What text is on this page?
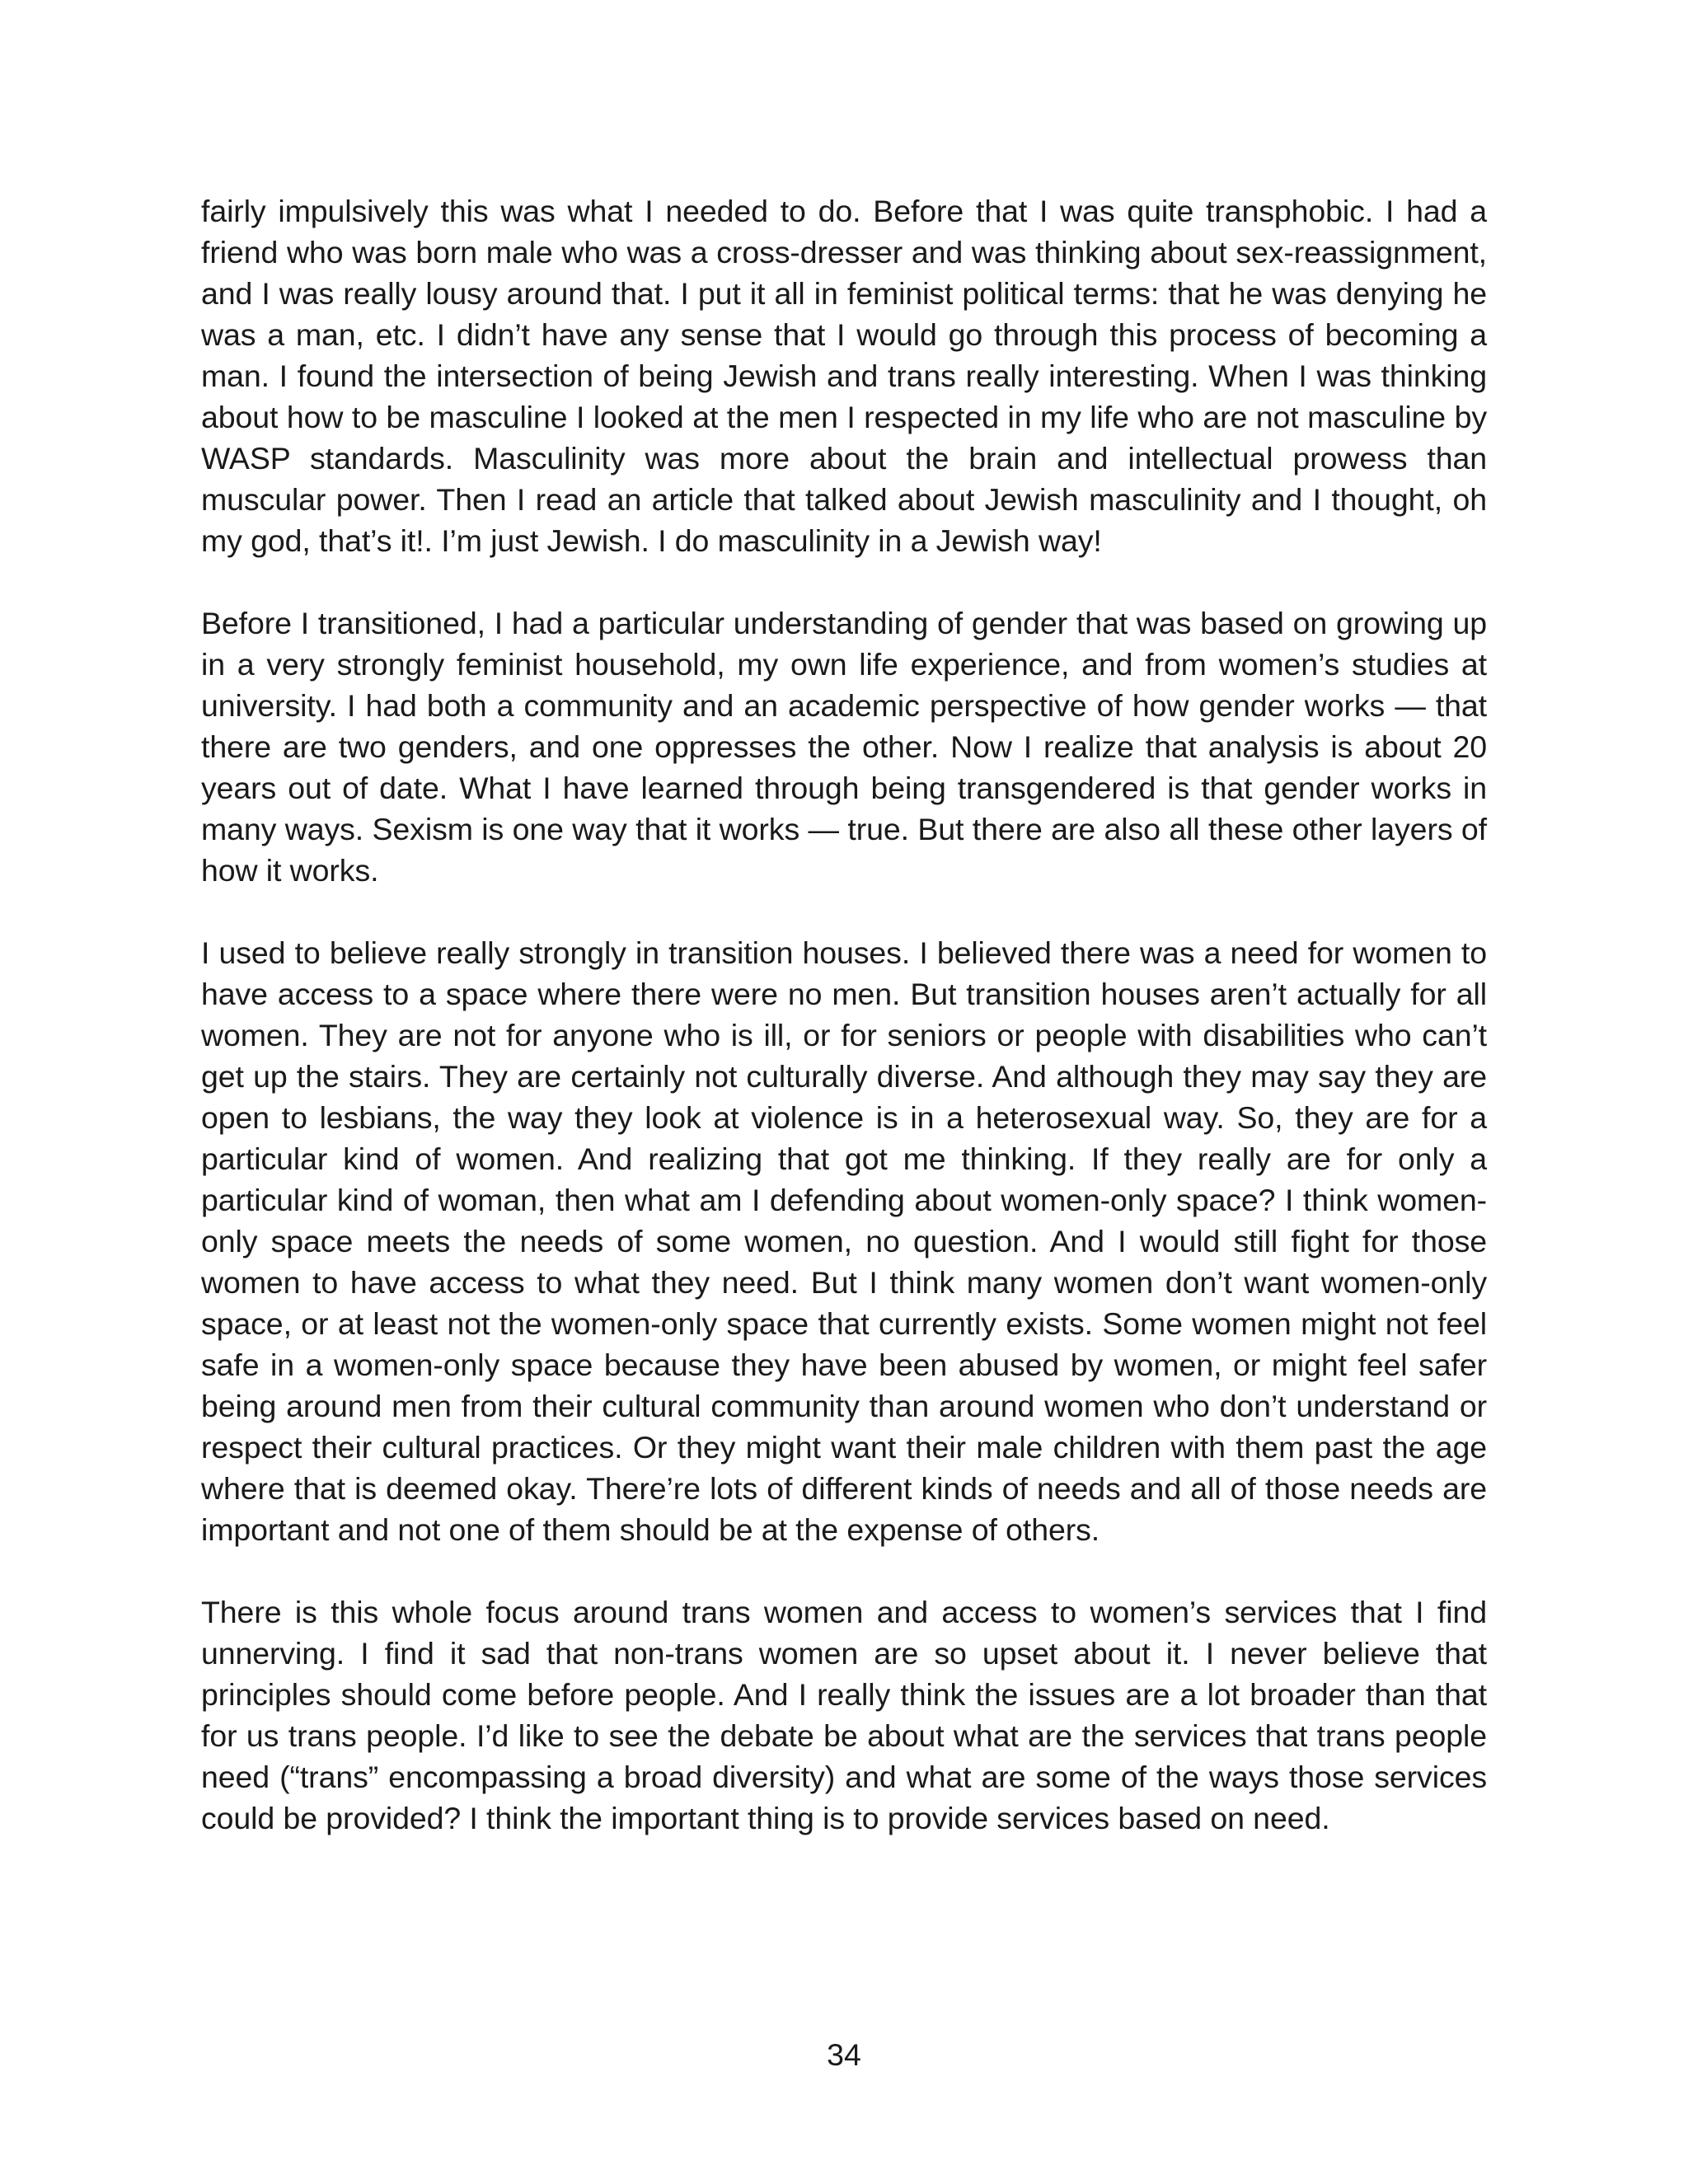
fairly impulsively this was what I needed to do. Before that I was quite transphobic. I had a friend who was born male who was a cross-dresser and was thinking about sex-reassignment, and I was really lousy around that. I put it all in feminist political terms: that he was denying he was a man, etc. I didn’t have any sense that I would go through this process of becoming a man. I found the intersection of being Jewish and trans really interesting. When I was thinking about how to be masculine I looked at the men I respected in my life who are not masculine by WASP standards. Masculinity was more about the brain and intellectual prowess than muscular power. Then I read an article that talked about Jewish masculinity and I thought, oh my god, that’s it!. I’m just Jewish. I do masculinity in a Jewish way!

Before I transitioned, I had a particular understanding of gender that was based on growing up in a very strongly feminist household, my own life experience, and from women’s studies at university. I had both a community and an academic perspective of how gender works — that there are two genders, and one oppresses the other. Now I realize that analysis is about 20 years out of date. What I have learned through being transgendered is that gender works in many ways. Sexism is one way that it works — true. But there are also all these other layers of how it works.

I used to believe really strongly in transition houses. I believed there was a need for women to have access to a space where there were no men. But transition houses aren’t actually for all women. They are not for anyone who is ill, or for seniors or people with disabilities who can’t get up the stairs. They are certainly not culturally diverse. And although they may say they are open to lesbians, the way they look at violence is in a heterosexual way. So, they are for a particular kind of women. And realizing that got me thinking. If they really are for only a particular kind of woman, then what am I defending about women-only space? I think women-only space meets the needs of some women, no question. And I would still fight for those women to have access to what they need. But I think many women don’t want women-only space, or at least not the women-only space that currently exists. Some women might not feel safe in a women-only space because they have been abused by women, or might feel safer being around men from their cultural community than around women who don’t understand or respect their cultural practices. Or they might want their male children with them past the age where that is deemed okay. There’re lots of different kinds of needs and all of those needs are important and not one of them should be at the expense of others.

There is this whole focus around trans women and access to women’s services that I find unnerving. I find it sad that non-trans women are so upset about it. I never believe that principles should come before people. And I really think the issues are a lot broader than that for us trans people. I’d like to see the debate be about what are the services that trans people need (“trans” encompassing a broad diversity) and what are some of the ways those services could be provided? I think the important thing is to provide services based on need.

34
